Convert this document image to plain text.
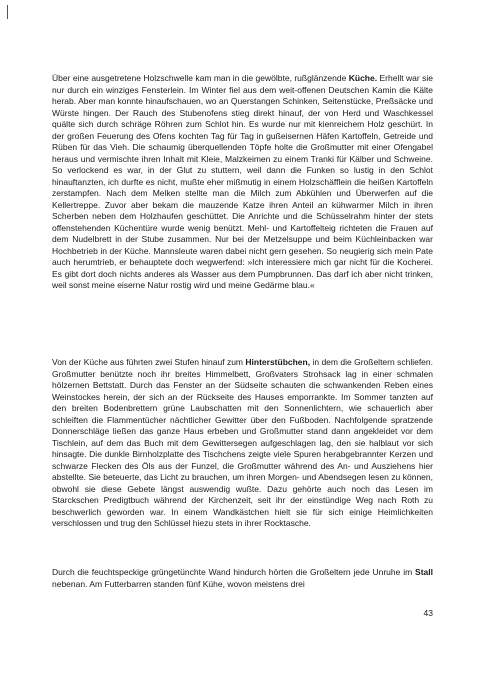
Über eine ausgetretene Holzschwelle kam man in die gewölbte, rußglänzende Küche. Erhellt war sie nur durch ein winziges Fensterlein. Im Winter fiel aus dem weit-offenen Deutschen Kamin die Kälte herab. Aber man konnte hinaufschauen, wo an Querstangen Schinken, Seitenstücke, Preßsäcke und Würste hingen. Der Rauch des Stubenofens stieg direkt hinauf, der von Herd und Waschkessel quälte sich durch schräge Röhren zum Schlot hin. Es wurde nur mit kienreichem Holz geschürt. In der großen Feuerung des Ofens kochten Tag für Tag in gußeisernen Häfen Kartoffeln, Getreide und Rüben für das Vieh. Die schaumig überquellenden Töpfe holte die Großmutter mit einer Ofengabel heraus und vermischte ihren Inhalt mit Kleie, Malzkeimen zu einem Tranki für Kälber und Schweine. So verlockend es war, in der Glut zu stuttern, weil dann die Funken so lustig in den Schlot hinauftanzten, ich durfte es nicht, mußte eher mißmutig in einem Holzschäfflein die heißen Kartoffeln zerstampfen. Nach dem Melken stellte man die Milch zum Abkühlen und Überwerfen auf die Kellertreppe. Zuvor aber bekam die mauzende Katze ihren Anteil an kühwarmer Milch in ihren Scherben neben dem Holzhaufen geschüttet. Die Anrichte und die Schüsselrahm hinter der stets offenstehenden Küchentüre wurde wenig benützt. Mehl- und Kartoffelteig richteten die Frauen auf dem Nudelbrett in der Stube zusammen. Nur bei der Metzelsuppe und beim Küchleinbacken war Hochbetrieb in der Küche. Mannsleute waren dabei nicht gern gesehen. So neugierig sich mein Pate auch herumtrieb, er behauptete doch wegwerfend: »Ich interessiere mich gar nicht für die Kocherei. Es gibt dort doch nichts anderes als Wasser aus dem Pumpbrunnen. Das darf ich aber nicht trinken, weil sonst meine eiserne Natur rostig wird und meine Gedärme blau.«

Von der Küche aus führten zwei Stufen hinauf zum Hinterstübchen, in dem die Großeltern schliefen. Großmutter benützte noch ihr breites Himmelbett, Großvaters Strohsack lag in einer schmalen hölzernen Bettstatt. Durch das Fenster an der Südseite schauten die schwankenden Reben eines Weinstockes herein, der sich an der Rückseite des Hauses emporrankte. Im Sommer tanzten auf den breiten Bodenbrettern grüne Laubschatten mit den Sonnenlichtern, wie schauerlich aber schleiften die Flammentücher nächtlicher Gewitter über den Fußboden. Nachfolgende spratzende Donnerschläge ließen das ganze Haus erbeben und Großmutter stand dann angekleidet vor dem Tischlein, auf dem das Buch mit dem Gewittersegen aufgeschlagen lag, den sie halblaut vor sich hinsagte. Die dunkle Birnholzplatte des Tischchens zeigte viele Spuren herabgebrannter Kerzen und schwarze Flecken des Öls aus der Funzel, die Großmutter während des An- und Ausziehens hier abstellte. Sie beteuerte, das Licht zu brauchen, um ihren Morgen- und Abendsegen lesen zu können, obwohl sie diese Gebete längst auswendig wußte. Dazu gehörte auch noch das Lesen im Starckschen Predigtbuch während der Kirchenzeit, seit ihr der einstündige Weg nach Roth zu beschwerlich geworden war. In einem Wandkästchen hielt sie für sich einige Heimlichkeiten verschlossen und trug den Schlüssel hiezu stets in ihrer Rocktasche.

Durch die feuchtspeckige grüngetünchte Wand hindurch hörten die Großeltern jede Unruhe im Stall nebenan. Am Futterbarren standen fünf Kühe, wovon meistens drei

43
